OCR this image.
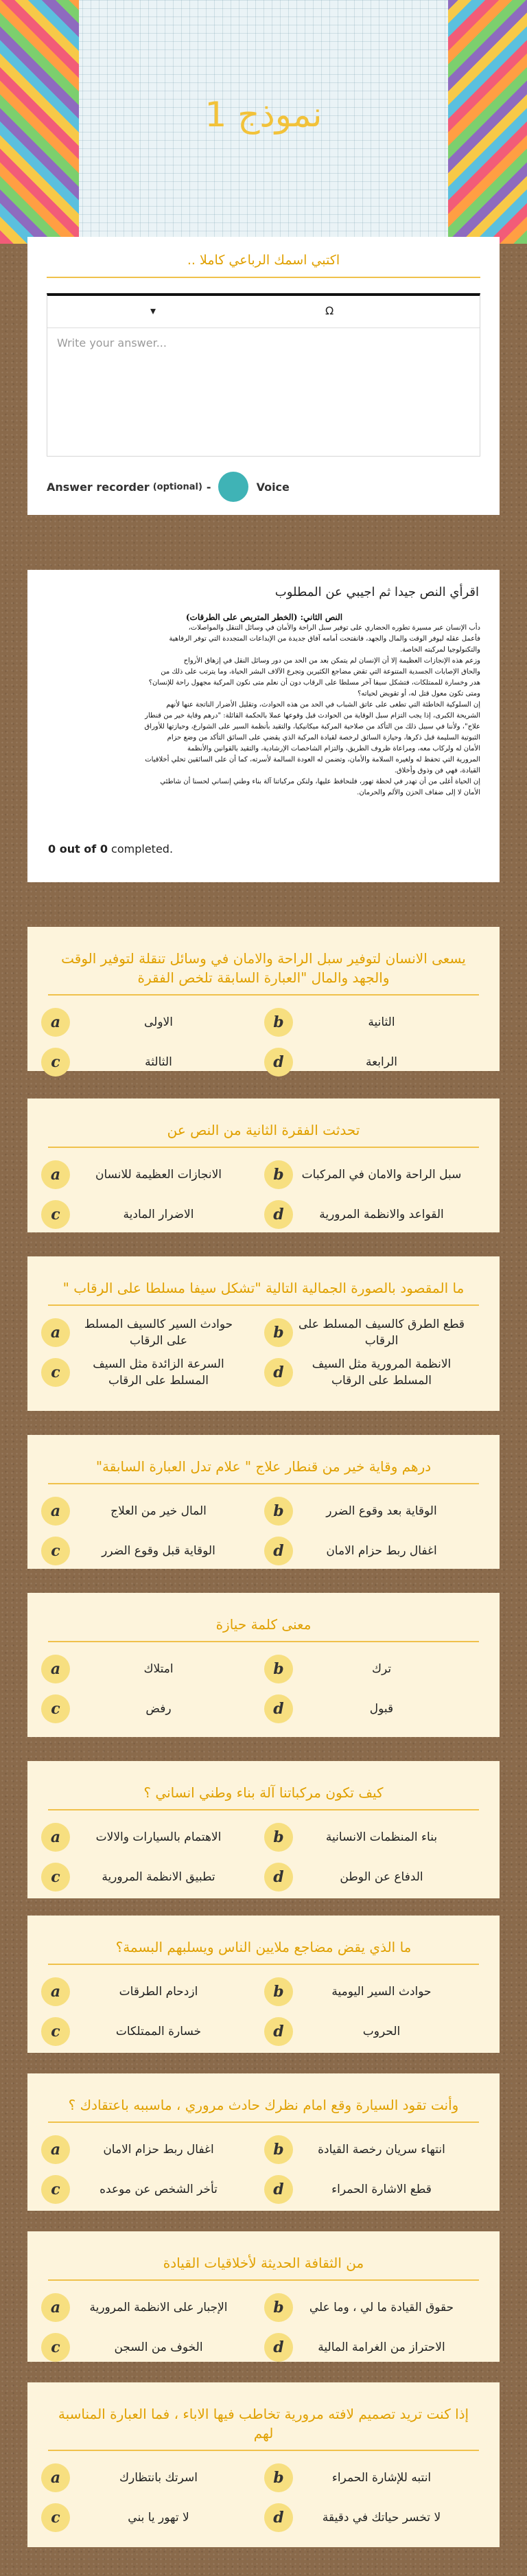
نموذج 1
اكتبي اسمك الرباعي كاملا ..
▾	Ω
Write your answer...
Answer recorder (optional) -	Voice
اقرأي النص جيدا ثم اجيبي عن المطلوب
النص الثاني: (الخطر المتربص على الطرقات)
دأب الإنسان عبر مسيرة تطوره الحضاري على توفير سبل الراحة والأمان في وسائل التنقل والمواصلات،
فأعمل عقله ليوفر الوقت والمال والجهد، فانفتحت أمامه آفاق جديدة من الإبداعات المتجددة التي توفر الرفاهية
والتكنولوجيا لمركبته الخاصة.
وزعم هذه الإنجازات العظيمة إلا أن الإنسان لم يتمكن بعد من الحد من دور وسائل النقل في إزهاق الأرواح
والحاق الإصابات الجسدية المتنوعة التي تقض مضاجع الكثيرين وتجرع الآلاف البشر الحياة، وما يترتب على ذلك من
هدر وخسارة للممتلكات، فتشكل سيفا آخر مسلطا على الرقاب دون أن نعلم متى نكون المركبة مجهول راحة للإنسان؟
ومتى تكون معول قتل له، أو تقويض لحياته؟
إن السلوكية الخاطئة التي تطغى على عاتق الشباب في الحد من هذه الحوادث، وتقليل الأضرار الناتجة عنها لأنهم
الشريحة الكبرى، إذا يجب التزام سبل الوقاية من الحوادث قبل وقوعها عملا بالحكمة القائلة: "درهم وقاية خير من قنطار
علاج"، ولأننا في سبيل ذلك من التأكد من صلاحية المركبة ميكانيكيا، والتقيد بأنظمة السير على الشوارع، وحيازتها للأوراق
الثبوتية السليمة قبل ذكرها، وحيازة السائق لرخصة لقيادة المركبة الذي يقضي على السائق التأكد من وضع حزام
الأمان له ولركاب معه، ومراعاة ظروف الطريق، والتزام الشاخصات الإرشادية، والتقيد بالقوانين والأنظمة
المرورية التي تحفظ له ولغيره السلامة والأمان، وتضمن له العودة السالمة لأسرته، كما أن على السائقين تحلي أخلاقيات
القيادة، فهي فن وذوق وأخلاق.
إن الحياة أغلى من أن تهدر في لحظة تهور، فلنحافظ عليها، ولنكن مركباتنا آلة بناء وطني إنساني لحسنا أن شاطئي
الأمان لا إلى ضفاف الحزن والألم والحرمان.
0 out of 0 completed.
يسعى الانسان لتوفير سبل الراحة والامان في وسائل تنقلة لتوفير الوقت والجهد والمال "العبارة السابقة تلخص الفقرة
a	الاولى	b	الثانية
c	الثالثة	d	الرابعة
تحدثت الفقرة الثانية من النص عن
a	الانجازات العظيمة للانسان	b	سبل الراحة والامان في المركبات
c	الاضرار المادية	d	القواعد والانظمة المرورية
ما المقصود بالصورة الجمالية التالية "تشكل سيفا مسلطا على الرقاب "
a	حوادث السير كالسيف المسلط على الرقاب	b	قطع الطرق كالسيف المسلط على الرقاب
c	السرعة الزائدة مثل السيف المسلط على الرقاب	d	الانظمة المرورية مثل السيف المسلط على الرقاب
درهم وقاية خير من قنطار علاج " علام تدل العبارة السابقة"
a	المال خير من العلاج	b	الوقاية بعد وقوع الضرر
c	الوقاية قبل وقوع الضرر	d	اغفال ربط حزام الامان
معنى كلمة حيازة
a	امتلاك	b	ترك
c	رفض	d	قبول
كيف تكون مركباتنا آلة بناء وطني انساني ؟
a	الاهتمام بالسيارات والالات	b	بناء المنظمات الانسانية
c	تطبيق الانظمة المرورية	d	الدفاع عن الوطن
ما الذي يقض مضاجع ملايين الناس ويسلبهم البسمة؟
a	ازدحام الطرقات	b	حوادث السير اليومية
c	خسارة الممتلكات	d	الحروب
وأنت تقود السيارة وقع امام نظرك حادث مروري ، ماسببه باعتقادك ؟
a	اغفال ربط حزام الامان	b	انتهاء سريان رخصة القيادة
c	تأخر الشخص عن موعده	d	قطع الاشارة الحمراء
من الثقافة الحديثة لأخلاقيات القيادة
a	الإجبار على الانظمة المرورية	b	حقوق القيادة ما لي ، وما علي
c	الخوف من السجن	d	الاحتراز من الغرامة المالية
إذا كنت تريد تصميم لافته مرورية تخاطب فيها الاباء ، فما العبارة المناسبة لهم
a	اسرتك بانتظارك	b	انتبه للإشارة الحمراء
c	لا تهور يا بني	d	لا تخسر حياتك في دقيقة
